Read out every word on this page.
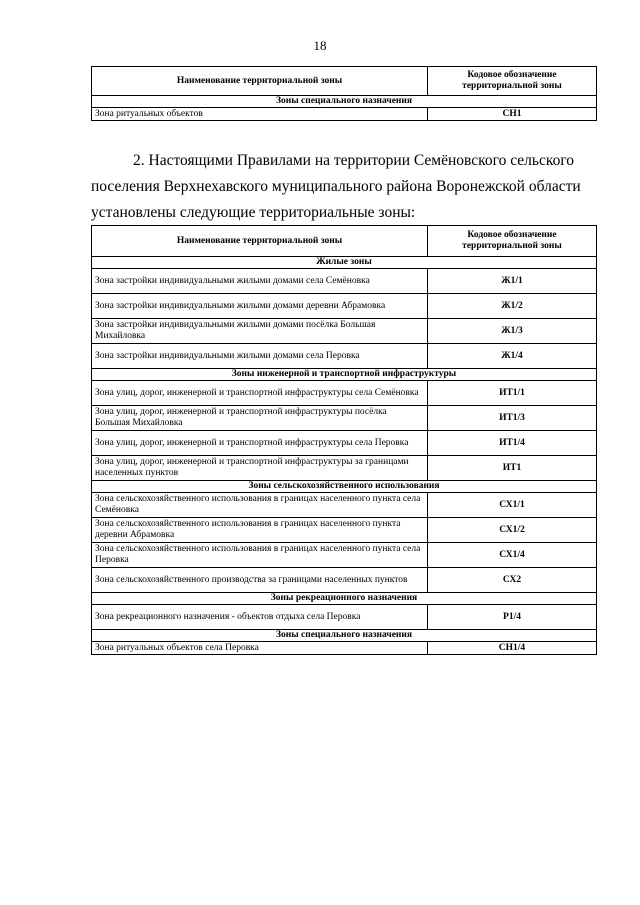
18
Наименование территориальной зоны	Кодовое обозначение территориальной зоны
Зоны специального назначения	
Зона ритуальных объектов	СН1
2. Настоящими Правилами на территории Семёновского сельского
поселения Верхнехавского муниципального района Воронежской области
установлены следующие территориальные зоны:
Наименование территориальной зоны	Кодовое обозначение территориальной зоны
Жилые зоны	
Зона застройки индивидуальными жилыми домами села Семёновка	Ж1/1
Зона застройки индивидуальными жилыми домами деревни Абрамовка	Ж1/2
Зона застройки индивидуальными жилыми домами посёлка Большая Михайловка	Ж1/3
Зона застройки индивидуальными жилыми домами села Перовка	Ж1/4
Зоны инженерной и транспортной инфраструктуры	
Зона улиц, дорог, инженерной и транспортной инфраструктуры села Семёновка	ИТ1/1
Зона улиц, дорог, инженерной и транспортной инфраструктуры посёлка Большая Михайловка	ИТ1/3
Зона улиц, дорог, инженерной и транспортной инфраструктуры села Перовка	ИТ1/4
Зона улиц, дорог, инженерной и транспортной инфраструктуры за границами населенных пунктов	ИТ1
Зоны сельскохозяйственного использования	
Зона сельскохозяйственного использования в границах населенного пункта села Семёновка	СХ1/1
Зона сельскохозяйственного использования в границах населенного пункта деревни Абрамовка	СХ1/2
Зона сельскохозяйственного использования в границах населенного пункта села Перовка	СХ1/4
Зона сельскохозяйственного производства за границами населенных пунктов	СХ2
Зоны рекреационного назначения	
Зона рекреационного назначения - объектов отдыха села Перовка	Р1/4
Зоны специального назначения	
Зона ритуальных объектов села Перовка	СН1/4
